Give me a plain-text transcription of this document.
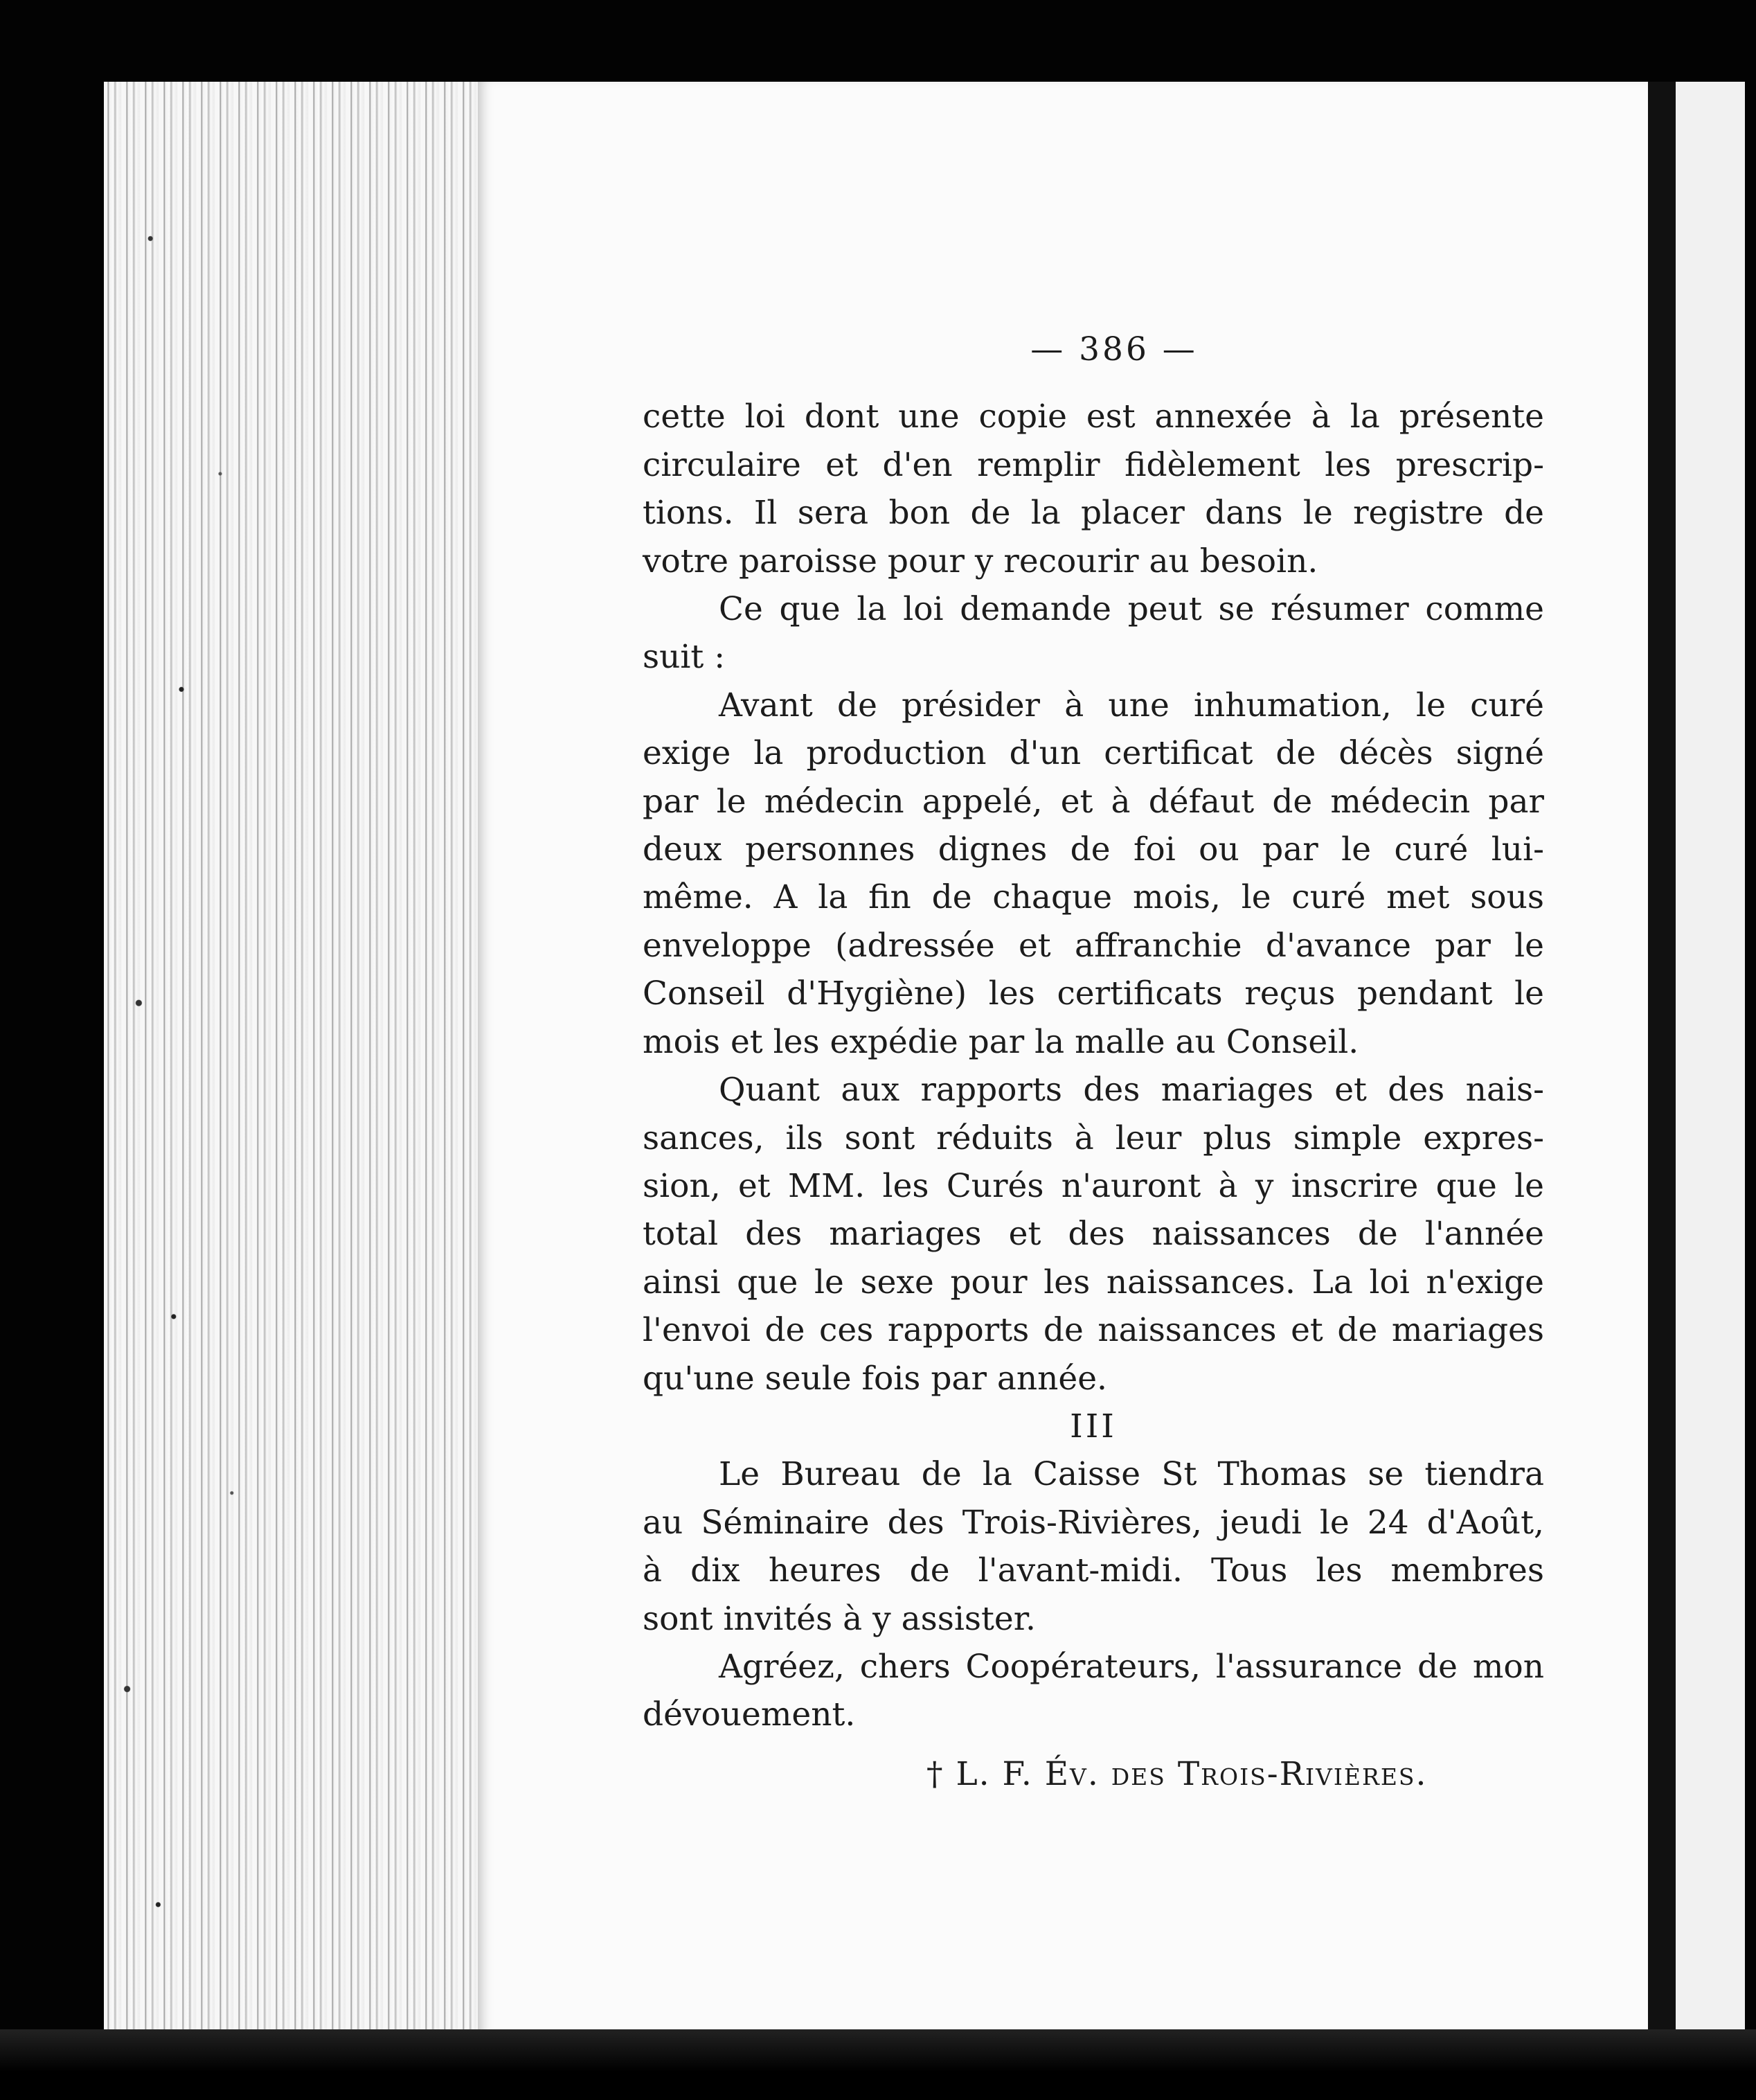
— 386 —

cette loi dont une copie est annexée à la présente
circulaire et d'en remplir fidèlement les prescrip-
tions. Il sera bon de la placer dans le registre de
votre paroisse pour y recourir au besoin.

Ce que la loi demande peut se résumer comme
suit :

Avant de présider à une inhumation, le curé
exige la production d'un certificat de décès signé
par le médecin appelé, et à défaut de médecin par
deux personnes dignes de foi ou par le curé lui-
même. A la fin de chaque mois, le curé met sous
enveloppe (adressée et affranchie d'avance par le
Conseil d'Hygiène) les certificats reçus pendant le
mois et les expédie par la malle au Conseil.

Quant aux rapports des mariages et des nais-
sances, ils sont réduits à leur plus simple expres-
sion, et MM. les Curés n'auront à y inscrire que le
total des mariages et des naissances de l'année
ainsi que le sexe pour les naissances. La loi n'exige
l'envoi de ces rapports de naissances et de mariages
qu'une seule fois par année.

III

Le Bureau de la Caisse St Thomas se tiendra
au Séminaire des Trois-Rivières, jeudi le 24 d'Août,
à dix heures de l'avant-midi. Tous les membres
sont invités à y assister.

Agréez, chers Coopérateurs, l'assurance de mon
dévouement.

† L. F. Év. des Trois-Rivières.
